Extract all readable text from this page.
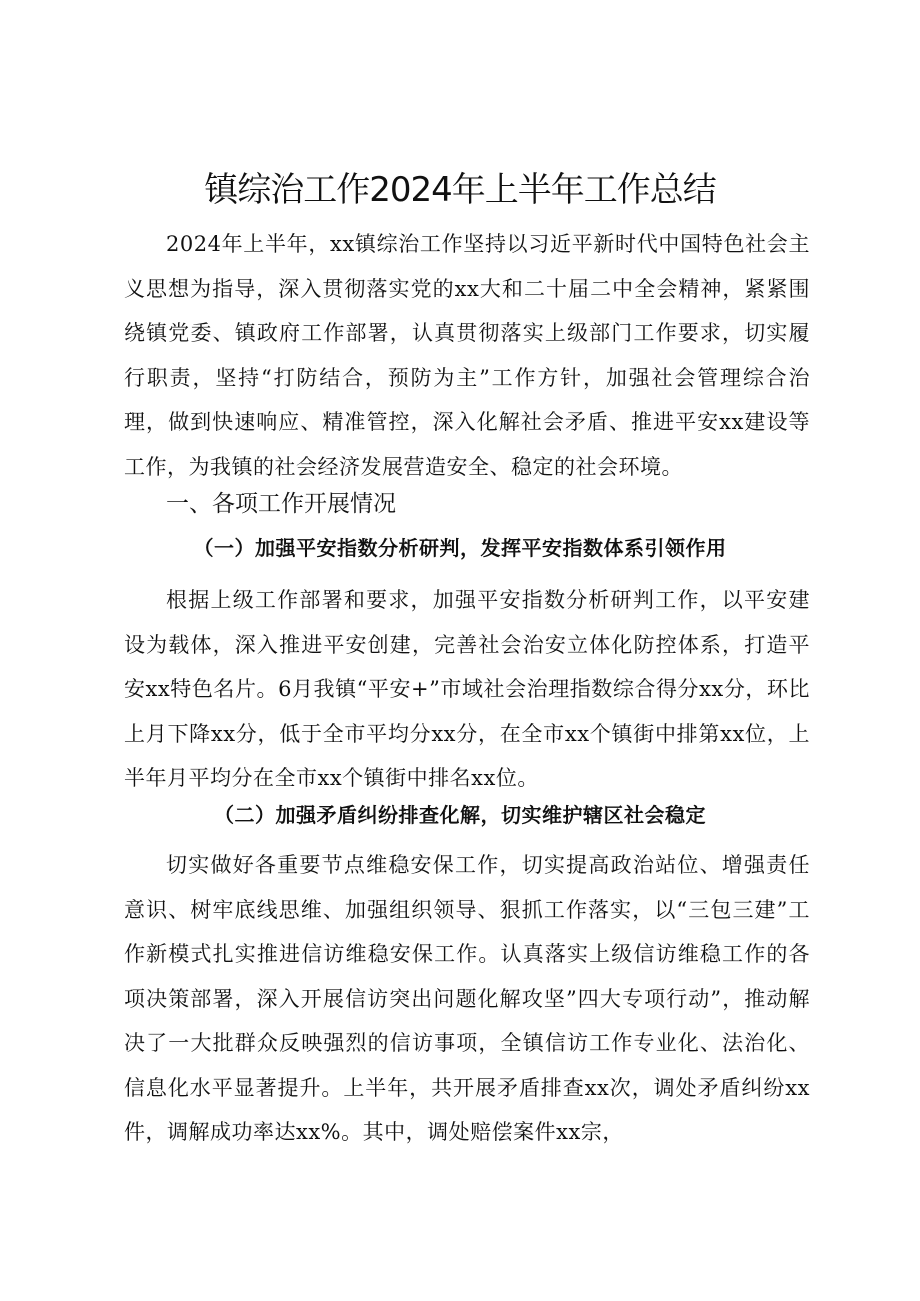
镇综治工作2024年上半年工作总结

2024年上半年，xx镇综治工作坚持以习近平新时代中国特色社会主义思想为指导，深入贯彻落实党的xx大和二十届二中全会精神，紧紧围绕镇党委、镇政府工作部署，认真贯彻落实上级部门工作要求，切实履行职责，坚持“打防结合，预防为主”工作方针，加强社会管理综合治理，做到快速响应、精准管控，深入化解社会矛盾、推进平安xx建设等工作，为我镇的社会经济发展营造安全、稳定的社会环境。

一、各项工作开展情况
（一）加强平安指数分析研判，发挥平安指数体系引领作用

根据上级工作部署和要求，加强平安指数分析研判工作，以平安建设为载体，深入推进平安创建，完善社会治安立体化防控体系，打造平安xx特色名片。6月我镇“平安+”市域社会治理指数综合得分xx分，环比上月下降xx分，低于全市平均分xx分，在全市xx个镇街中排第xx位，上半年月平均分在全市xx个镇街中排名xx位。

（二）加强矛盾纠纷排查化解，切实维护辖区社会稳定

切实做好各重要节点维稳安保工作，切实提高政治站位、增强责任意识、树牢底线思维、加强组织领导、狠抓工作落实，以“三包三建”工作新模式扎实推进信访维稳安保工作。认真落实上级信访维稳工作的各项决策部署，深入开展信访突出问题化解攻坚”四大专项行动”，推动解决了一大批群众反映强烈的信访事项，全镇信访工作专业化、法治化、信息化水平显著提升。上半年，共开展矛盾排查xx次，调处矛盾纠纷xx件，调解成功率达xx%。其中，调处赔偿案件xx宗，
